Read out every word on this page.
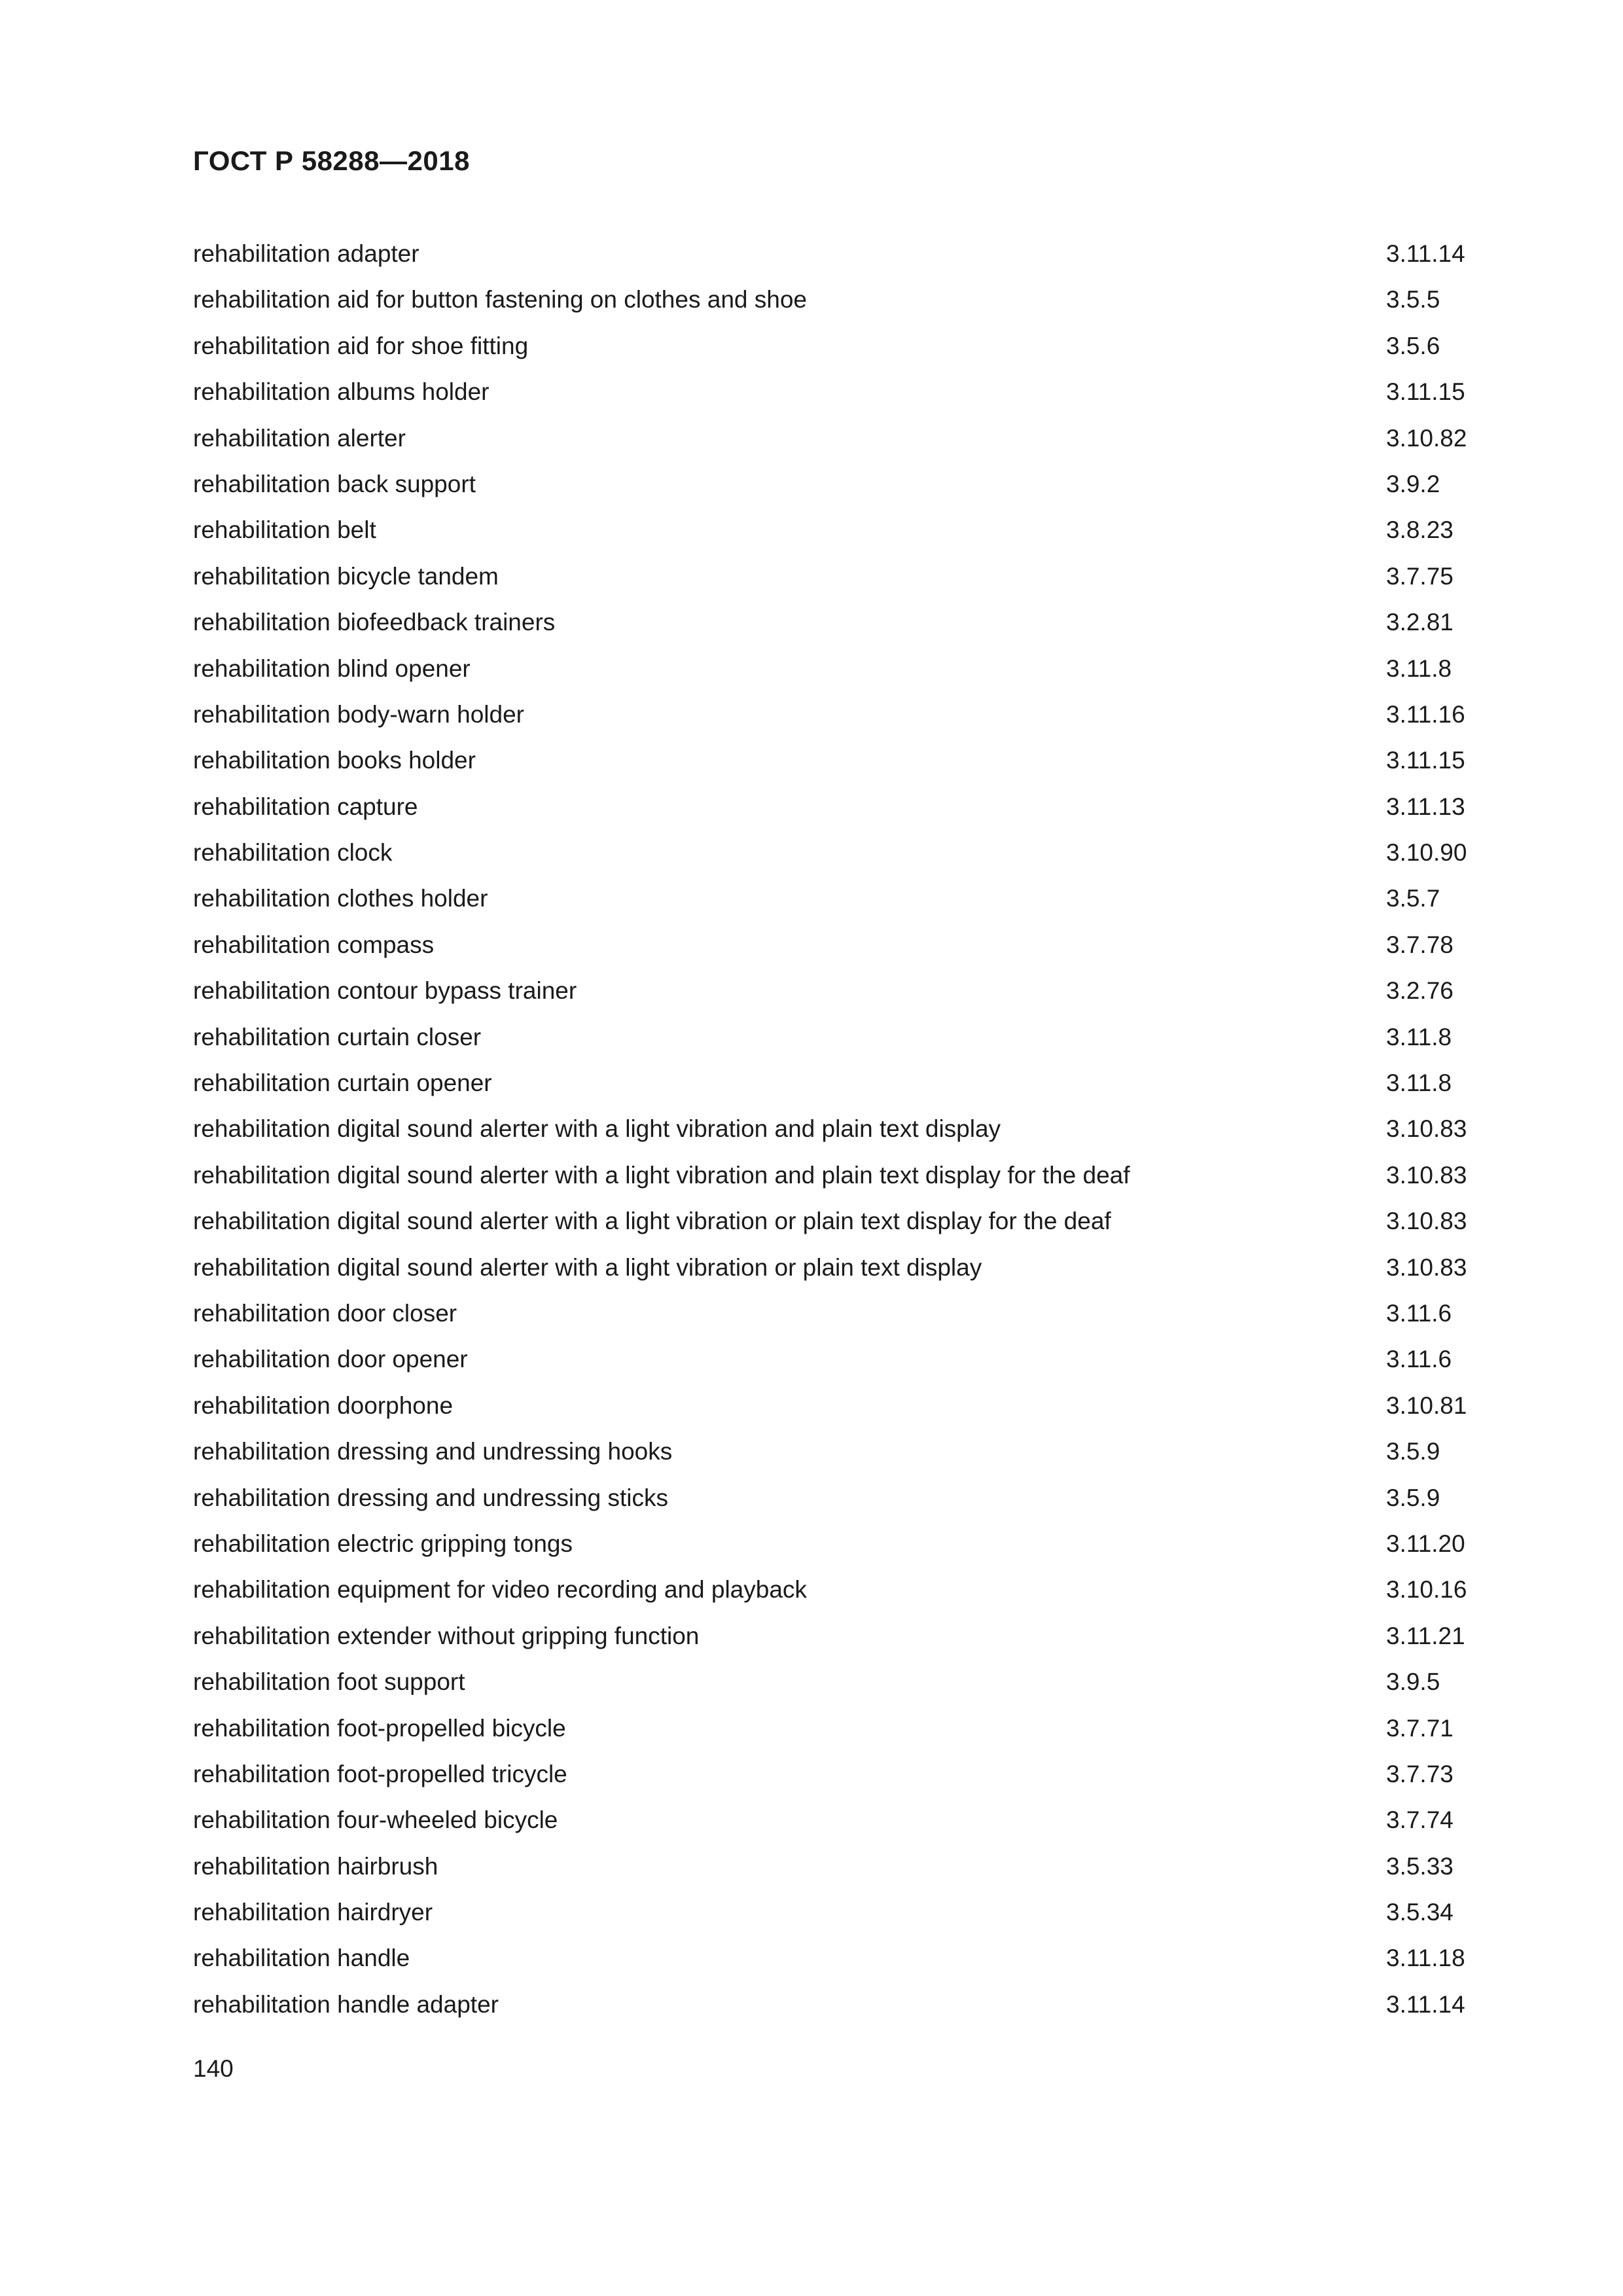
ГОСТ Р 58288—2018
rehabilitation adapter	3.11.14
rehabilitation aid for button fastening on clothes and shoe	3.5.5
rehabilitation aid for shoe fitting	3.5.6
rehabilitation albums holder	3.11.15
rehabilitation alerter	3.10.82
rehabilitation back support	3.9.2
rehabilitation belt	3.8.23
rehabilitation bicycle tandem	3.7.75
rehabilitation biofeedback trainers	3.2.81
rehabilitation blind opener	3.11.8
rehabilitation body-warn holder	3.11.16
rehabilitation books holder	3.11.15
rehabilitation capture	3.11.13
rehabilitation clock	3.10.90
rehabilitation clothes holder	3.5.7
rehabilitation compass	3.7.78
rehabilitation contour bypass trainer	3.2.76
rehabilitation curtain closer	3.11.8
rehabilitation curtain opener	3.11.8
rehabilitation digital sound alerter with a light vibration and plain text display	3.10.83
rehabilitation digital sound alerter with a light vibration and plain text display for the deaf	3.10.83
rehabilitation digital sound alerter with a light vibration or plain text display for the deaf	3.10.83
rehabilitation digital sound alerter with a light vibration or plain text display	3.10.83
rehabilitation door closer	3.11.6
rehabilitation door opener	3.11.6
rehabilitation doorphone	3.10.81
rehabilitation dressing and undressing hooks	3.5.9
rehabilitation dressing and undressing sticks	3.5.9
rehabilitation electric gripping tongs	3.11.20
rehabilitation equipment for video recording and playback	3.10.16
rehabilitation extender without gripping function	3.11.21
rehabilitation foot support	3.9.5
rehabilitation foot-propelled bicycle	3.7.71
rehabilitation foot-propelled tricycle	3.7.73
rehabilitation four-wheeled bicycle	3.7.74
rehabilitation hairbrush	3.5.33
rehabilitation hairdryer	3.5.34
rehabilitation handle	3.11.18
rehabilitation handle adapter	3.11.14
140
